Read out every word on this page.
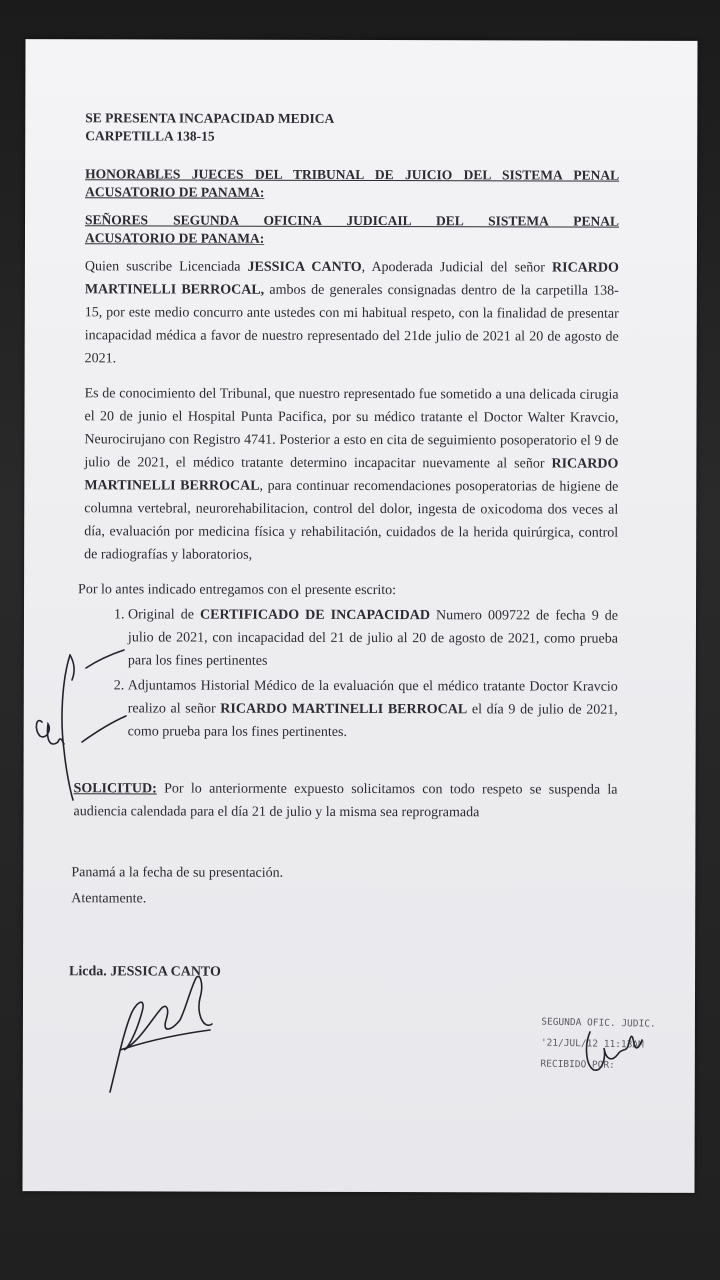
SE PRESENTA INCAPACIDAD MEDICA
CARPETILLA 138-15
HONORABLES JUECES DEL TRIBUNAL DE JUICIO DEL SISTEMA PENAL
ACUSATORIO DE PANAMA:
SEÑORES SEGUNDA OFICINA JUDICAIL DEL SISTEMA PENAL
ACUSATORIO DE PANAMA:

Quien suscribe Licenciada JESSICA CANTO, Apoderada Judicial del señor RICARDO MARTINELLI BERROCAL, ambos de generales consignadas dentro de la carpetilla 138-15, por este medio concurro ante ustedes con mi habitual respeto, con la finalidad de presentar incapacidad médica a favor de nuestro representado del 21de julio de 2021 al 20 de agosto de 2021.

Es de conocimiento del Tribunal, que nuestro representado fue sometido a una delicada cirugia el 20 de junio el Hospital Punta Pacifica, por su médico tratante el Doctor Walter Kravcio, Neurocirujano con Registro 4741. Posterior a esto en cita de seguimiento posoperatorio el 9 de julio de 2021, el médico tratante determino incapacitar nuevamente al señor RICARDO MARTINELLI BERROCAL, para continuar recomendaciones posoperatorias de higiene de columna vertebral, neurorehabilitacion, control del dolor, ingesta de oxicodoma dos veces al día, evaluación por medicina física y rehabilitación, cuidados de la herida quirúrgica, control de radiografías y laboratorios,

Por lo antes indicado entregamos con el presente escrito:

1. Original de CERTIFICADO DE INCAPACIDAD Numero 009722 de fecha 9 de julio de 2021, con incapacidad del 21 de julio al 20 de agosto de 2021, como prueba para los fines pertinentes
2. Adjuntamos Historial Médico de la evaluación que el médico tratante Doctor Kravcio realizo al señor RICARDO MARTINELLI BERROCAL el día 9 de julio de 2021, como prueba para los fines pertinentes.

SOLICITUD: Por lo anteriormente expuesto solicitamos con todo respeto se suspenda la audiencia calendada para el día 21 de julio y la misma sea reprogramada

Panamá a la fecha de su presentación.

Atentamente.

Licda. JESSICA CANTO

SEGUNDA OFIC. JUDIC.
'21/JUL/12 11:13AM
RECIBIDO POR:
